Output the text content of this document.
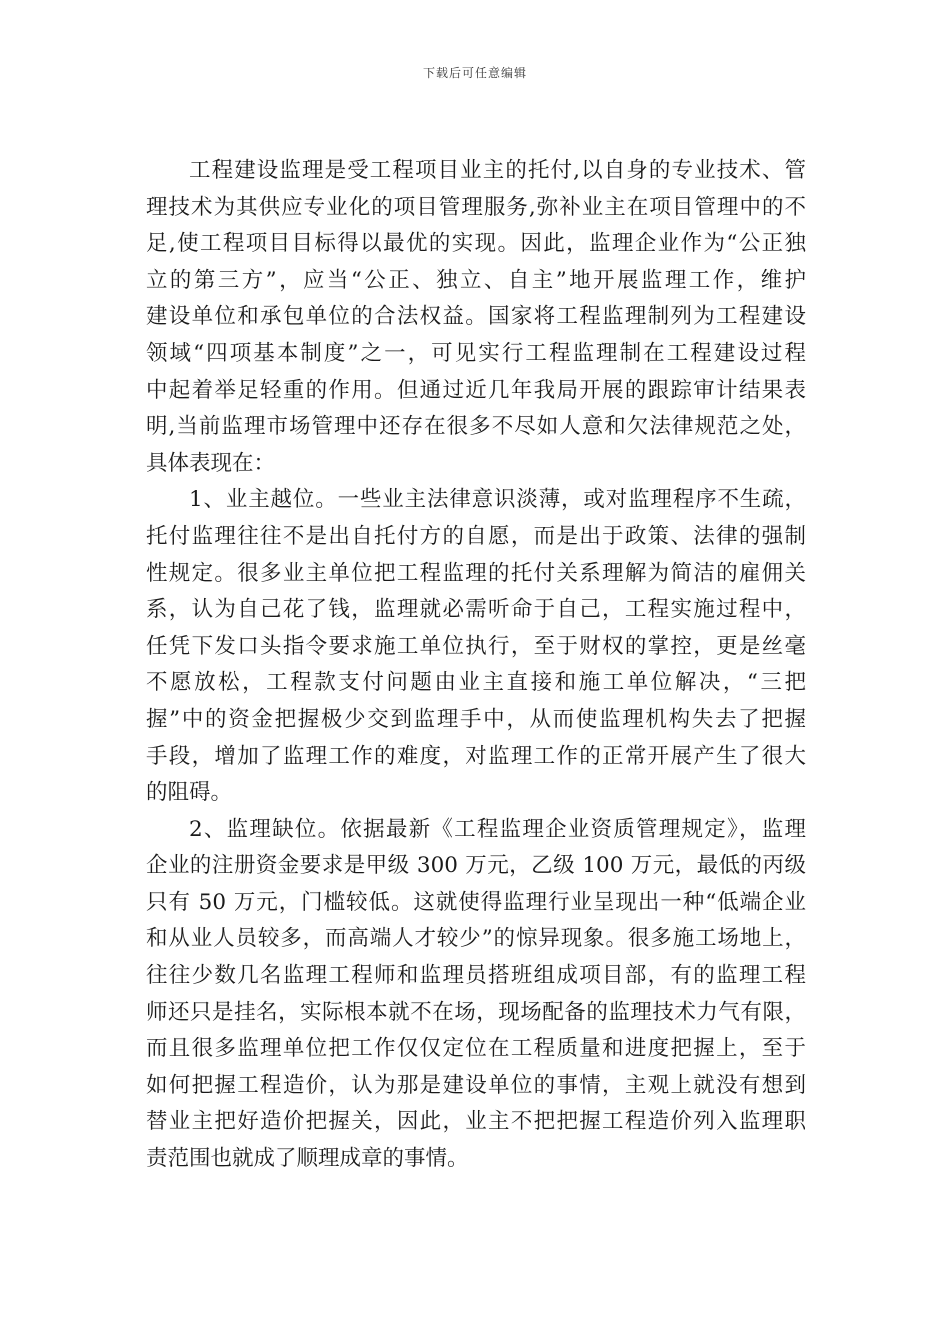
下载后可任意编辑
工程建设监理是受工程项目业主的托付,以自身的专业技术、管
理技术为其供应专业化的项目管理服务,弥补业主在项目管理中的不
足,使工程项目目标得以最优的实现。因此，监理企业作为“公正独
立的第三方”，应当“公正、独立、自主”地开展监理工作，维护
建设单位和承包单位的合法权益。国家将工程监理制列为工程建设
领域“四项基本制度”之一，可见实行工程监理制在工程建设过程
中起着举足轻重的作用。但通过近几年我局开展的跟踪审计结果表
明,当前监理市场管理中还存在很多不尽如人意和欠法律规范之处，
具体表现在：
1、业主越位。一些业主法律意识淡薄，或对监理程序不生疏，
托付监理往往不是出自托付方的自愿，而是出于政策、法律的强制
性规定。很多业主单位把工程监理的托付关系理解为简洁的雇佣关
系，认为自己花了钱，监理就必需听命于自己，工程实施过程中，
任凭下发口头指令要求施工单位执行，至于财权的掌控，更是丝毫
不愿放松，工程款支付问题由业主直接和施工单位解决，“三把
握”中的资金把握极少交到监理手中，从而使监理机构失去了把握
手段，增加了监理工作的难度，对监理工作的正常开展产生了很大
的阻碍。
2、监理缺位。依据最新《工程监理企业资质管理规定》，监理
企业的注册资金要求是甲级 300 万元，乙级 100 万元，最低的丙级
只有 50 万元，门槛较低。这就使得监理行业呈现出一种“低端企业
和从业人员较多，而高端人才较少”的惊异现象。很多施工场地上，
往往少数几名监理工程师和监理员搭班组成项目部，有的监理工程
师还只是挂名，实际根本就不在场，现场配备的监理技术力气有限，
而且很多监理单位把工作仅仅定位在工程质量和进度把握上，至于
如何把握工程造价，认为那是建设单位的事情，主观上就没有想到
替业主把好造价把握关，因此，业主不把把握工程造价列入监理职
责范围也就成了顺理成章的事情。
